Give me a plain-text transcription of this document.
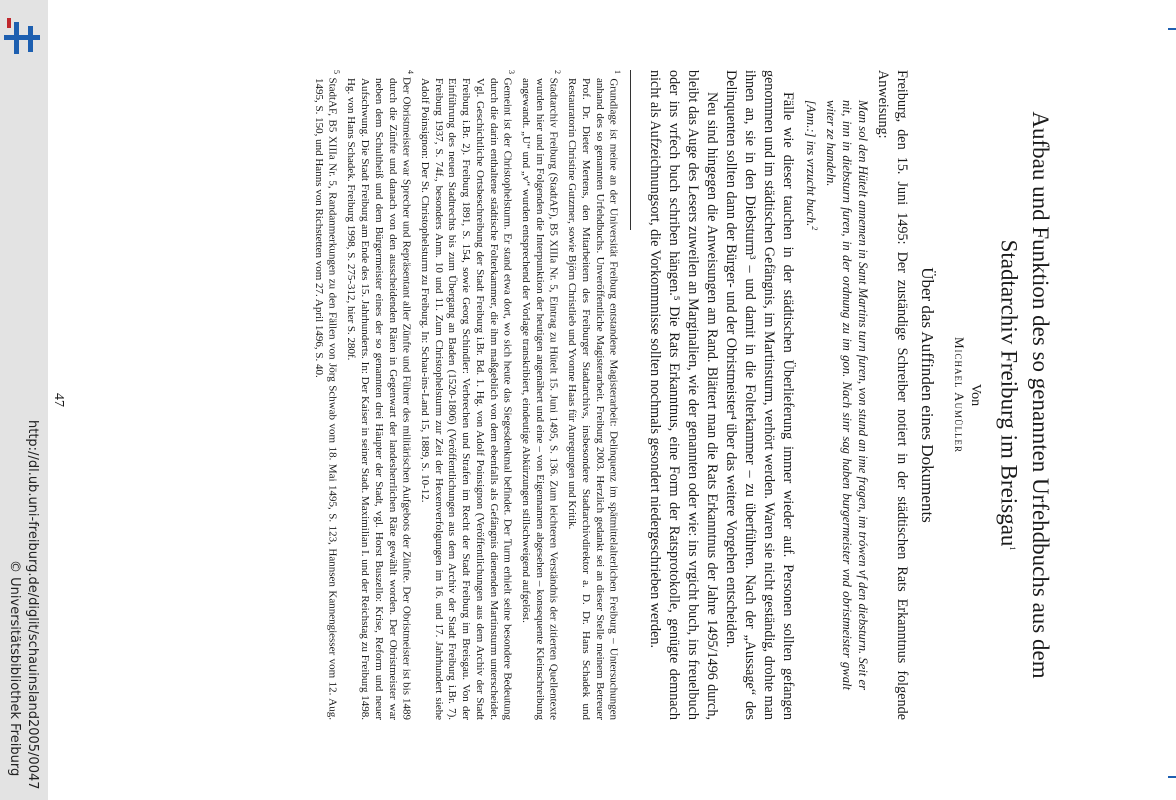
http://dl.ub.uni-freiburg.de/diglit/schauinsland2005/0047
© Universitätsbibliothek Freiburg	Aufbau und Funktion des so genannten Urfehdbuchs aus dem Stadtarchiv Freiburg im Breisgau$^1$
Von
Michael Aumüller
Über das Auffinden eines Dokuments

Freiburg, den 15. Juni 1495: Der zuständige Schreiber notiert in der städtischen Rats Erkanntnus folgende Anweisung:

Man sol den Hütelt annemen in Sant Martins turn furen, von stund an ime fragen, im trówen vf den diebsturn. Seit er nit, inn in diebsturn furen, in der ordnung zu im gon. Nach sinr sag haben burgermeister vnd obristmeister gwalt witer ze handeln.

[Ann.:] ins vrzucht buch.$^2$

Fälle wie dieser tauchen in der städtischen Überlieferung immer wieder auf. Personen sollten gefangen genommen und im städtischen Gefängnis, im Martinsturm, verhört werden. Waren sie nicht geständig, drohte man ihnen an, sie in den Diebsturm³ – und damit in die Folterkammer – zu überführen. Nach der „Aussage“ des Delinquenten sollten dann der Bürger- und der Obristmeister⁴ über das weitere Vorgehen entscheiden.

Neu sind hingegen die Anweisungen am Rand. Blättert man die Rats Erkanntnus der Jahre 1495/1496 durch, bleibt das Auge des Lesers zuweilen an Marginalien, wie der genannten oder wie: ins vrgicht buch, ins freuelbuch oder ins vrfech buch schriben hängen.⁵ Die Rats Erkanntnus, eine Form der Ratsprotokolle, genügte demnach nicht als Aufzeichnungsort, die Vorkommnisse sollten nochmals gesondert niedergeschrieben werden.

$^1$ Grundlage ist meine an der Universität Freiburg entstandene Magisterarbeit: Delinquenz im spätmittelalterlichen Freiburg – Untersuchungen anhand des so genannten Urfehdbuchs. Unveröffentliche Magisterarbeit. Freiburg 2003. Herzlich gedankt sei an dieser Stelle meinem Betreuer Prof. Dr. Dieter Mertens, den Mitarbeitern des Freiburger Stadtarchivs, insbesondere Stadtarchivdirektor a. D. Dr. Hans Schadek und Restauratorin Christine Gutzmer, sowie Björn Christlieb und Yvonne Haas für Anregungen und Kritik.

$^2$ Stadtarchiv Freiburg (StadtAF), B5 XIIIa Nr. 5, Eintrag zu Hütelt 15. Juni 1495, S. 136. Zum leichteren Verständnis der zitierten Quellentexte wurden hier und im Folgenden die Interpunktion der heutigen angenähert und eine – von Eigennamen abgesehen – konsequente Kleinschreibung angewandt. „U“ und „v“ wurden entsprechend der Vorlage transkribiert, eindeutige Abkürzungen stillschweigend aufgelöst.

$^3$ Gemeint ist der Christophelsturm. Er stand etwa dort, wo sich heute das Siegesdenkmal befindet. Der Turm erhielt seine besondere Bedeutung durch die darin enthaltene städtische Folterkammer, die ihm maßgeblich von dem ebenfalls als Gefängnis dienenden Martinsturm unterscheidet. Vgl. Geschichtliche Ortsbeschreibung der Stadt Freiburg i.Br. Bd. 1. Hg. von Adolf Poinsignon (Veröffentlichungen aus dem Archiv der Stadt Freiburg i.Br. 2). Freiburg 1891, S. 154, sowie Georg Schindler: Verbrechen und Strafen im Recht der Stadt Freiburg im Breisgau. Von der Einführung des neuen Stadtrechts bis zum Übergang an Baden (1520-1806) (Veröffentlichungen aus dem Archiv der Stadt Freiburg i.Br. 7). Freiburg 1937, S. 74f., besonders Anm. 10 und 11. Zum Christophelsturm zur Zeit der Hexenverfolgungen im 16. und 17. Jahrhundert siehe Adolf Poinsignon: Der St. Christophelsturm zu Freiburg. In: Schau-ins-Land 15, 1889, S. 10-12.

$^4$ Der Obristmeister war Sprecher und Repräsentant aller Zünfte und Führer des militärischen Aufgebots der Zünfte. Der Obristmeister ist bis 1489 durch die Zünfte und danach von den ausscheidenden Räten in Gegenwart der landesherrlichen Räte gewählt worden. Der Obristmeister war neben dem Schultheiß und dem Bürgermeister eines der so genannten drei Häupter der Stadt, vgl. Horst Buszello: Krise, Reform und neuer Aufschwung. Die Stadt Freiburg am Ende des 15. Jahrhunderts. In: Der Kaiser in seiner Stadt. Maximilian I. und der Reichstag zu Freiburg 1498. Hg. von Hans Schadek. Freiburg 1998, S. 275-312, hier S. 280f.

$^5$ StadtAF, B5 XIIIa Nr. 5, Randanmerkungen zu den Fällen von Jörg Schwab vom 18. Mai 1495, S. 123, Hannsen Kannengiesser vom 12. Aug. 1495, S. 150, und Hanns von Richstetten vom 27. April 1496, S. 40.

47
